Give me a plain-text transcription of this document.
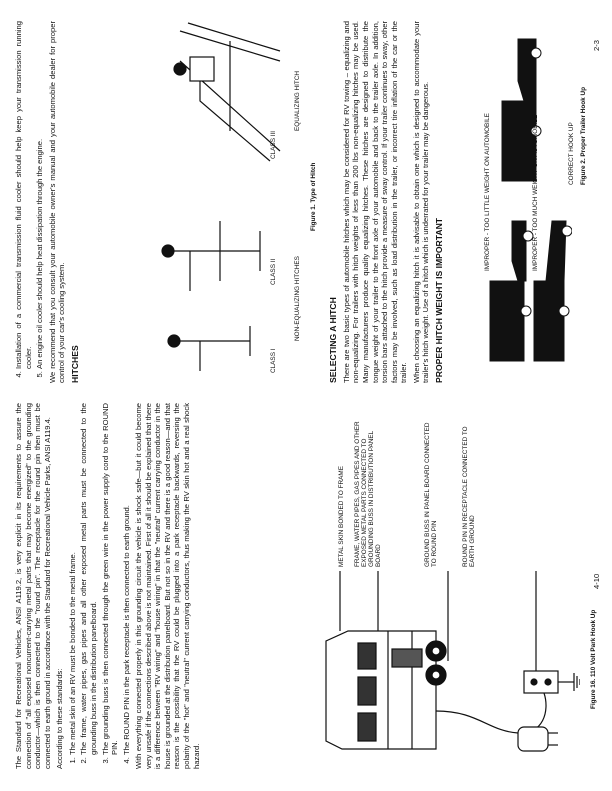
The Standard for Recreational Vehicles, ANSI A119.2, is very explicit in its requirements to assure the connection of "all exposed noncurrent-carrying metal parts that may become energized" to the grounding conductor—which is then connected to the "round pin". The receptacle for the round pin then must be connected to earth ground in accordance with the Standard for Recreational Vehicle Parks, ANSI A119.4. According to these standards: 1. The metal skin of an RV must be bonded to the metal frame. 2. The frame, water pipes, gas pipes and all other exposed metal parts must be connected to the grounding buss in the distribution panelboard. 3. The grounding buss is then connected through the green wire in the power supply cord to the ROUND PIN. 4. The ROUND PIN in the park receptacle is then connected to earth ground. With everything connected properly in this grounding circuit the vehicle is shock safe—but it could become very unsafe if the connections described above is not maintained. First of all it should be explained that there is a difference between "RV wiring" and "house wiring" in that the "neutral" current carrying conductor in the house is grounded at the distribution panelboard. But not so in the RV and there is a good reason—and that reason is the possibility that the RV could be plugged into a park receptacle backwards, reversing the polarity of the "hot" and "neutral" current carrying conductors, thus making the RV skin hot and a real shock hazard.

METAL SKIN BONDED TO FRAME FRAME, WATER PIPES, GAS PIPES AND OTHER EXPOSED METAL PARTS CONNECTED TO GROUNDING BUSS IN DISTRIBUTION PANEL BOARD	GROUND BUSS IN PANEL BOARD CONNECTED TO ROUND PIN	ROUND PIN IN RECEPTACLE CONNECTED TO EARTH GROUND
Figure 16. 110 Volt Park Hook Up
4-10
4. Installation of a commercial transmission fluid cooler should help keep your transmission running cooler. 5. An engine oil cooler should help heat dissipation through the engine. We recommend that you consult your automobile owner's manual and your automobile dealer for proper control of your car's cooling system. HITCHES	CLASS I
CLASS II
CLASS III
NON-EQUALIZING HITCHES
EQUALIZING HITCH
Figure 1. Type of Hitch
SELECTING A HITCH There are two basic types of automobile hitches which may be considered for RV towing – equalizing and non-equalizing. For trailers with hitch weights of less than 200 lbs non-equalizing hitches may be used. Many manufacturers produce quality equalizing hitches. These hitches are designed to distribute the tongue weight of your trailer to the front axle of your automobile and back to the trailer axle. In addition, torsion bars attached to the hitch provide a measure of sway control. If your trailer continues to sway, other factors may be involved, such as load distribution in the trailer, or incorrect tire inflation of the car or the trailer. When choosing an equalizing hitch it is advisable to obtain one which is designed to accommodate your trailer's hitch weight. Use of a hitch which is underrated for your trailer may be dangerous. PROPER HITCH WEIGHT IS IMPORTANT
IMPROPER - TOO LITTLE WEIGHT ON AUTOMOBILE	IMPROPER - TOO MUCH WEIGHT ON AUTOMOBILE	CORRECT HOOK UP Figure 2. Proper Trailer Hook Up
2-3
